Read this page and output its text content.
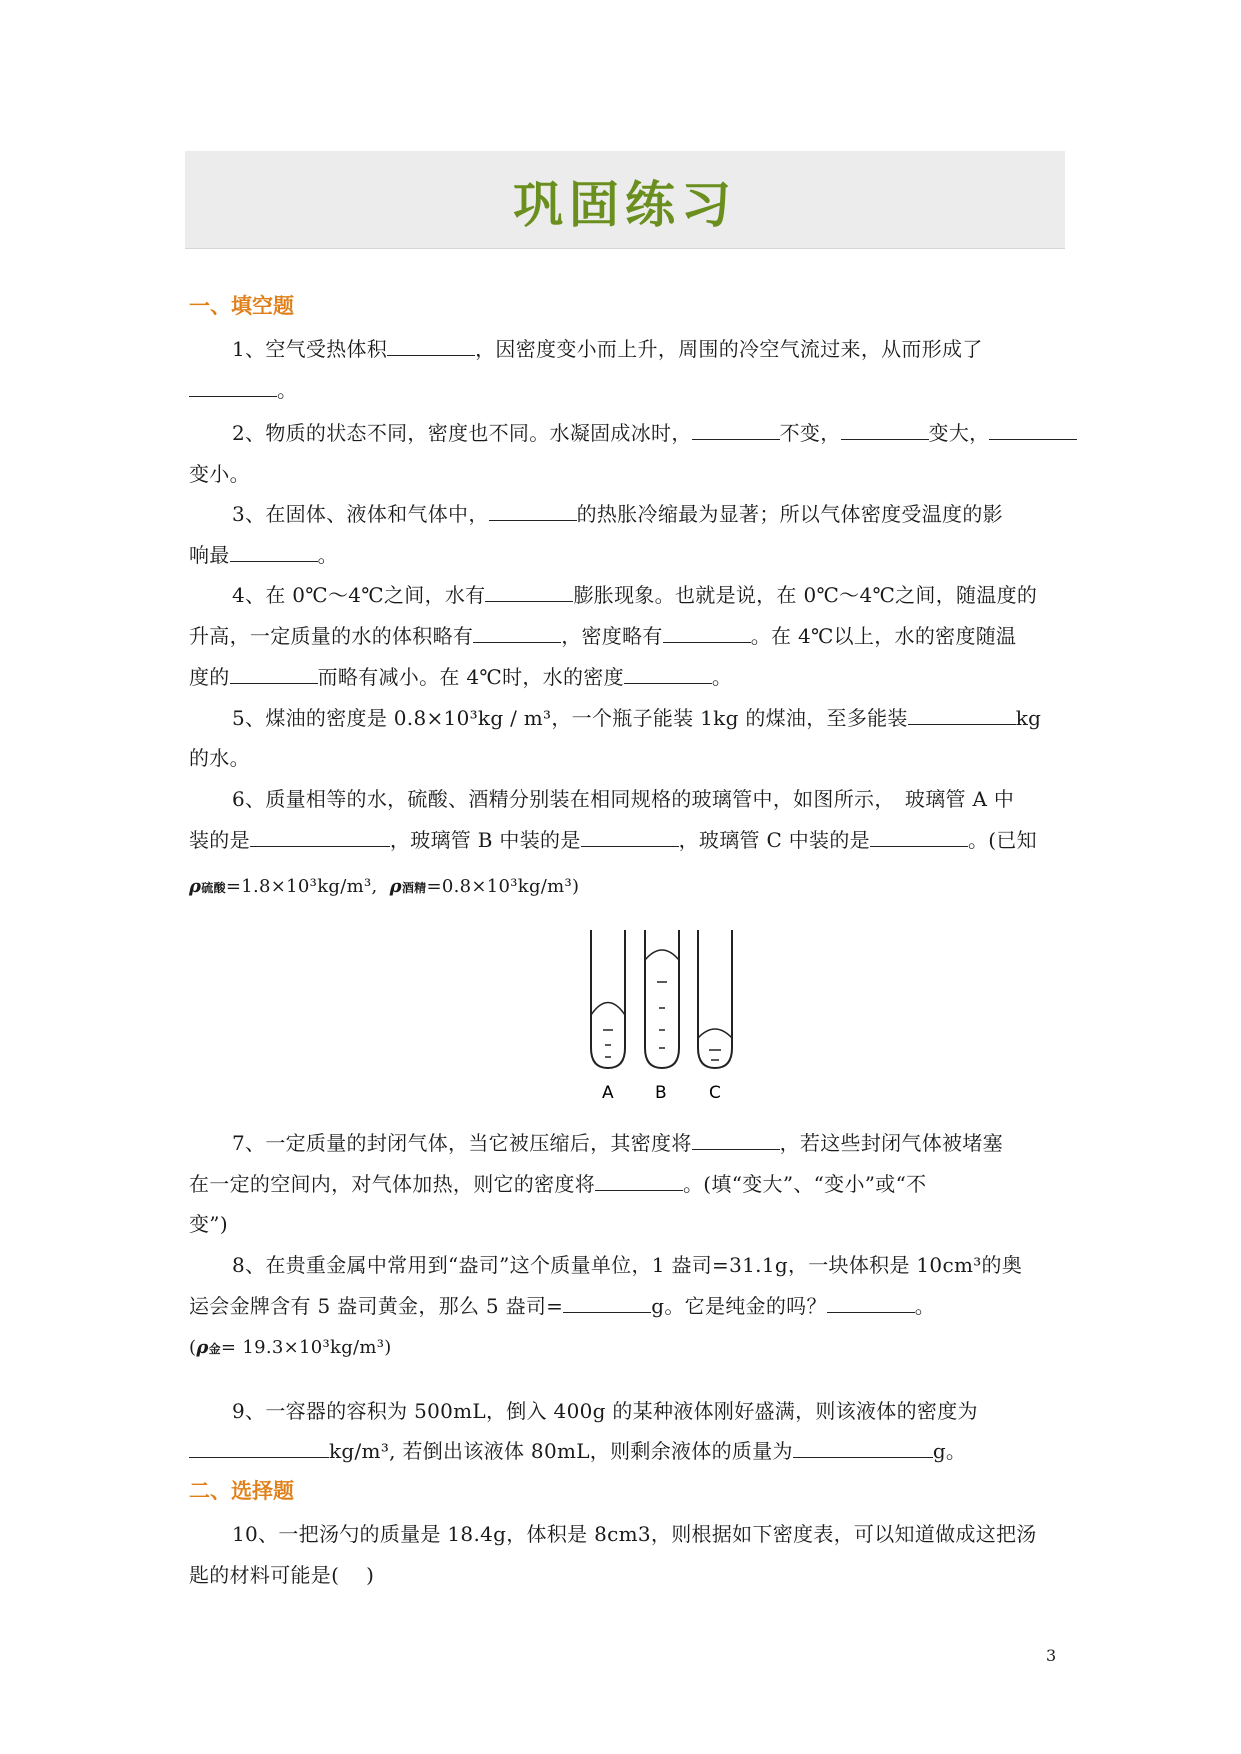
巩固练习
一、填空题
1、空气受热体积	，因密度变小而上升，周围的冷空气流过来，从而形成了
。
2、物质的状态不同，密度也不同。水凝固成冰时，	不变，	变大，
变小。
3、在固体、液体和气体中，	的热胀冷缩最为显著；所以气体密度受温度的影
响最	。
4、在 0℃～4℃之间，水有	膨胀现象。也就是说，在 0℃～4℃之间，随温度的
升高，一定质量的水的体积略有	，密度略有	。在 4℃以上，水的密度随温
度的	而略有减小。在 4℃时，水的密度	。
5、煤油的密度是 0.8×10³kg / m³，一个瓶子能装 1kg 的煤油，至多能装	kg
的水。
6、质量相等的水，硫酸、酒精分别装在相同规格的玻璃管中，如图所示，　玻璃管 A 中
装的是	，玻璃管 B 中装的是	，玻璃管 C 中装的是	。(已知
ρ硫酸=1.8×10³kg/m³, ρ酒精=0.8×10³kg/m³)
A B C
7、一定质量的封闭气体，当它被压缩后，其密度将	，若这些封闭气体被堵塞
在一定的空间内，对气体加热，则它的密度将	。(填“变大”、“变小”或“不
变”)
8、在贵重金属中常用到“盎司”这个质量单位，1 盎司=31.1g，一块体积是 10cm³的奥
运会金牌含有 5 盎司黄金，那么 5 盎司=	g。它是纯金的吗？	。
(ρ金= 19.3×10³kg/m³)
9、一容器的容积为 500mL，倒入 400g 的某种液体刚好盛满，则该液体的密度为
kg/m³, 若倒出该液体 80mL，则剩余液体的质量为	g。
二、选择题
10、一把汤勺的质量是 18.4g，体积是 8cm3，则根据如下密度表，可以知道做成这把汤
匙的材料可能是(　 )
3
